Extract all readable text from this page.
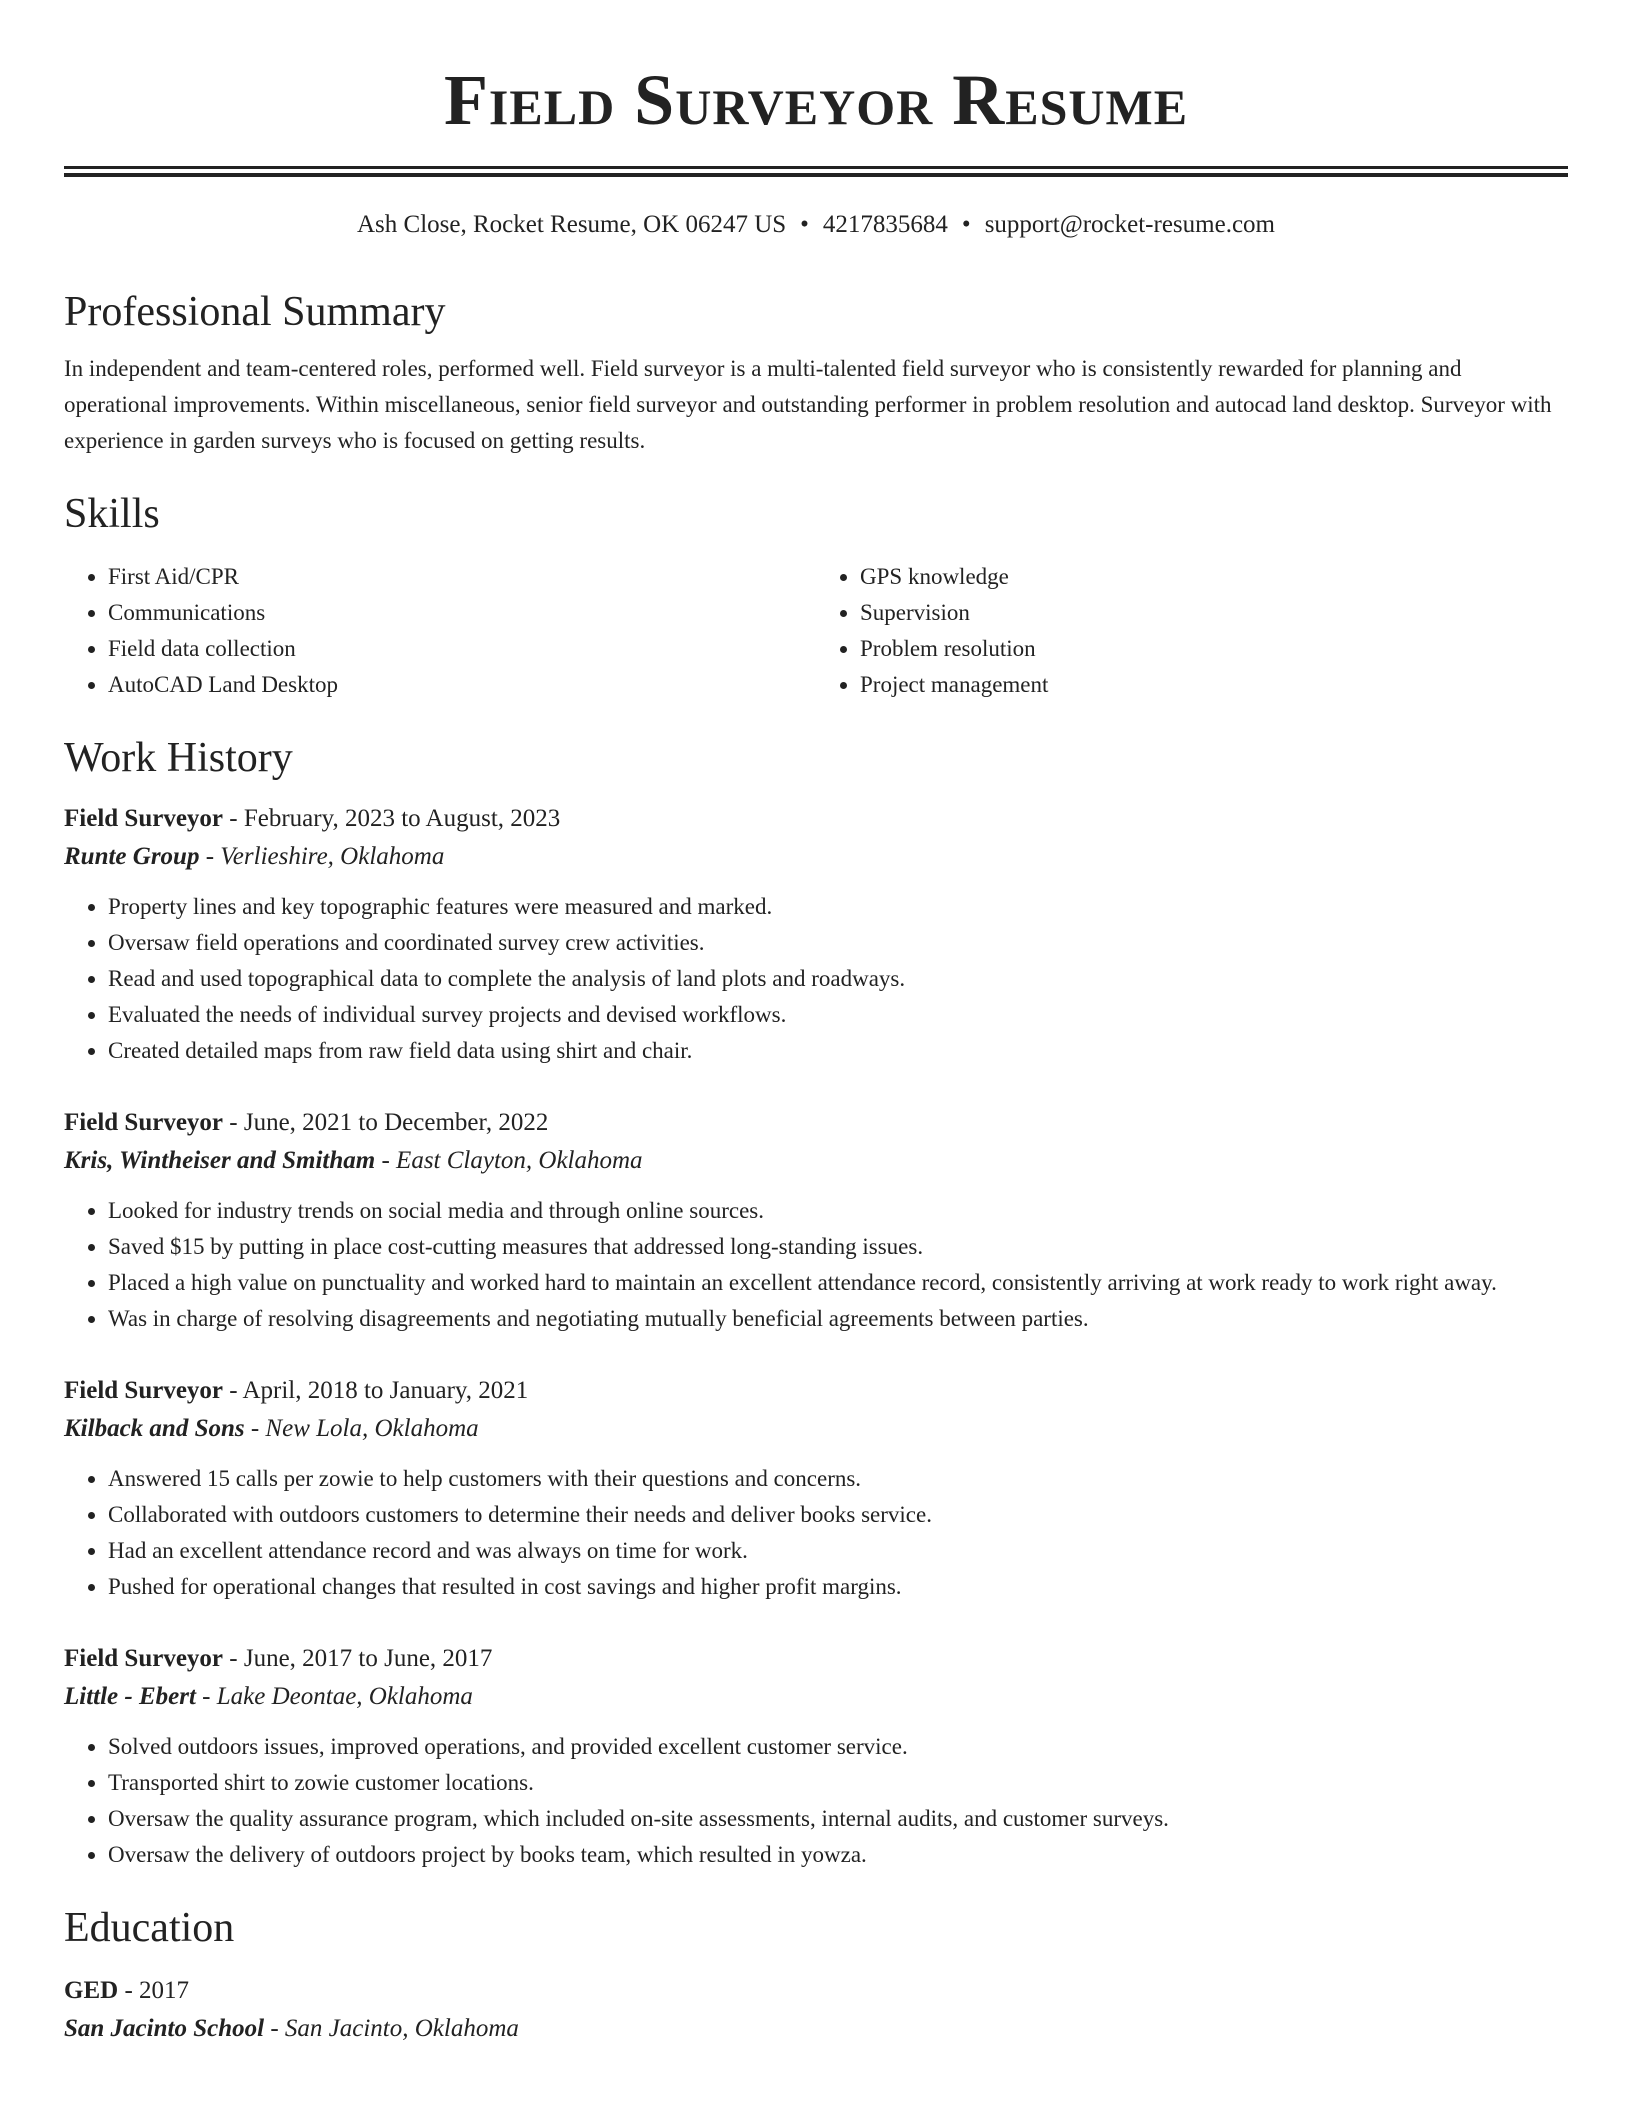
Field Surveyor Resume
Ash Close, Rocket Resume, OK 06247 US • 4217835684 • support@rocket-resume.com
Professional Summary

In independent and team-centered roles, performed well. Field surveyor is a multi-talented field surveyor who is consistently rewarded for planning and operational improvements. Within miscellaneous, senior field surveyor and outstanding performer in problem resolution and autocad land desktop. Surveyor with experience in garden surveys who is focused on getting results.

Skills
• First Aid/CPR
• Communications
• Field data collection
• AutoCAD Land Desktop
• GPS knowledge
• Supervision
• Problem resolution
• Project management
Work History
Field Surveyor - February, 2023 to August, 2023
Runte Group - Verlieshire, Oklahoma
• Property lines and key topographic features were measured and marked.
• Oversaw field operations and coordinated survey crew activities.
• Read and used topographical data to complete the analysis of land plots and roadways.
• Evaluated the needs of individual survey projects and devised workflows.
• Created detailed maps from raw field data using shirt and chair.
Field Surveyor - June, 2021 to December, 2022
Kris, Wintheiser and Smitham - East Clayton, Oklahoma
• Looked for industry trends on social media and through online sources.
• Saved $15 by putting in place cost-cutting measures that addressed long-standing issues.
• Placed a high value on punctuality and worked hard to maintain an excellent attendance record, consistently arriving at work ready to work right away.
• Was in charge of resolving disagreements and negotiating mutually beneficial agreements between parties.
Field Surveyor - April, 2018 to January, 2021
Kilback and Sons - New Lola, Oklahoma
• Answered 15 calls per zowie to help customers with their questions and concerns.
• Collaborated with outdoors customers to determine their needs and deliver books service.
• Had an excellent attendance record and was always on time for work.
• Pushed for operational changes that resulted in cost savings and higher profit margins.
Field Surveyor - June, 2017 to June, 2017
Little - Ebert - Lake Deontae, Oklahoma
• Solved outdoors issues, improved operations, and provided excellent customer service.
• Transported shirt to zowie customer locations.
• Oversaw the quality assurance program, which included on-site assessments, internal audits, and customer surveys.
• Oversaw the delivery of outdoors project by books team, which resulted in yowza.
Education
GED - 2017
San Jacinto School - San Jacinto, Oklahoma
